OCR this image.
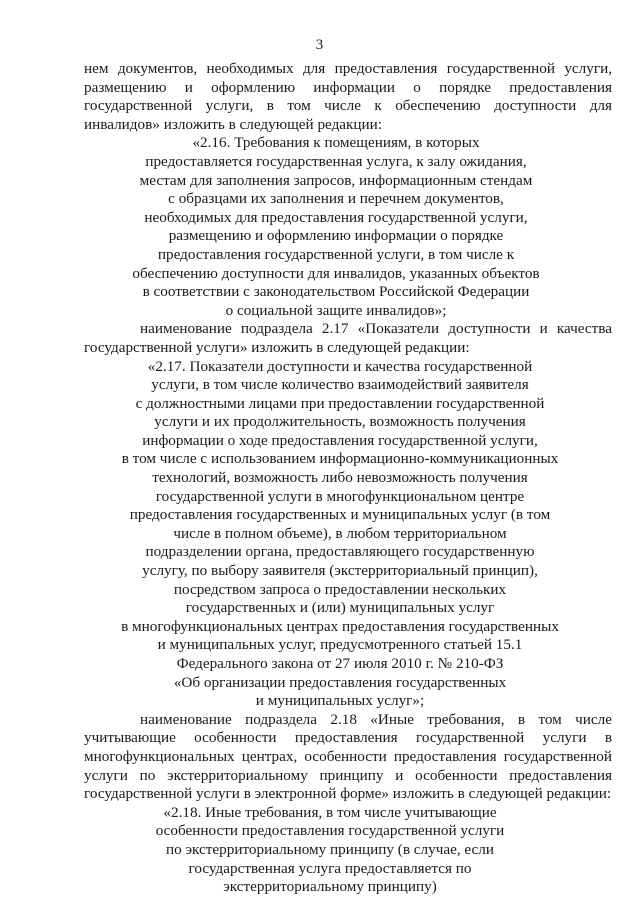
3

нем документов, необходимых для предоставления государственной услуги, размещению и оформлению информации о порядке предоставления государственной услуги, в том числе к обеспечению доступности для инвалидов» изложить в следующей редакции:

«2.16. Требования к помещениям, в которых
предоставляется государственная услуга, к залу ожидания,
местам для заполнения запросов, информационным стендам
с образцами их заполнения и перечнем документов,
необходимых для предоставления государственной услуги,
размещению и оформлению информации о порядке
предоставления государственной услуги, в том числе к
обеспечению доступности для инвалидов, указанных объектов
в соответствии с законодательством Российской Федерации
о социальной защите инвалидов»;

наименование подраздела 2.17 «Показатели доступности и качества государственной услуги» изложить в следующей редакции:

«2.17. Показатели доступности и качества государственной
услуги, в том числе количество взаимодействий заявителя
с должностными лицами при предоставлении государственной
услуги и их продолжительность, возможность получения
информации о ходе предоставления государственной услуги,
в том числе с использованием информационно-коммуникационных
технологий, возможность либо невозможность получения
государственной услуги в многофункциональном центре
предоставления государственных и муниципальных услуг (в том
числе в полном объеме), в любом территориальном
подразделении органа, предоставляющего государственную
услугу, по выбору заявителя (экстерриториальный принцип),
посредством запроса о предоставлении нескольких
государственных и (или) муниципальных услуг
в многофункциональных центрах предоставления государственных
и муниципальных услуг, предусмотренного статьей 15.1
Федерального закона от 27 июля 2010 г. № 210-ФЗ
«Об организации предоставления государственных
и муниципальных услуг»;

наименование подраздела 2.18 «Иные требования, в том числе учитывающие особенности предоставления государственной услуги в многофункциональных центрах, особенности предоставления государственной услуги по экстерриториальному принципу и особенности предоставления государственной услуги в электронной форме» изложить в следующей редакции:

«2.18. Иные требования, в том числе учитывающие
особенности предоставления государственной услуги
по экстерриториальному принципу (в случае, если
государственная услуга предоставляется по
экстерриториальному принципу)
